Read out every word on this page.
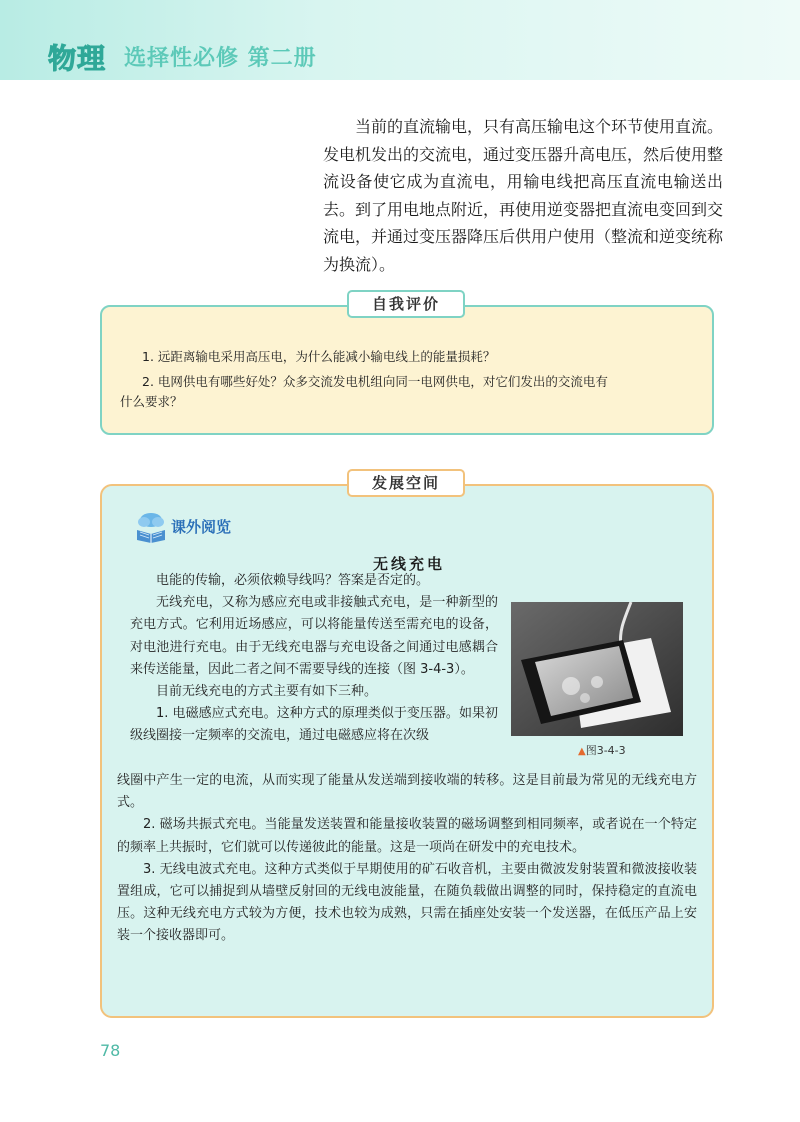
物理 选择性必修 第二册

当前的直流输电，只有高压输电这个环节使用直流。发电机发出的交流电，通过变压器升高电压，然后使用整流设备使它成为直流电，用输电线把高压直流电输送出去。到了用电地点附近，再使用逆变器把直流电变回到交流电，并通过变压器降压后供用户使用（整流和逆变统称为换流）。

1. 远距离输电采用高压电，为什么能减小输电线上的能量损耗？
2. 电网供电有哪些好处？众多交流发电机组向同一电网供电，对它们发出的交流电有
什么要求？
自我评价
发展空间
课外阅览
无线充电

电能的传输，必须依赖导线吗？答案是否定的。

无线充电，又称为感应充电或非接触式充电，是一种新型的充电方式。它利用近场感应，可以将能量传送至需充电的设备，对电池进行充电。由于无线充电器与充电设备之间通过电感耦合来传送能量，因此二者之间不需要导线的连接（图 3-4-3）。

目前无线充电的方式主要有如下三种。

1. 电磁感应式充电。这种方式的原理类似于变压器。如果初级线圈接一定频率的交流电，通过电磁感应将在次级

▲图3-4-3

线圈中产生一定的电流，从而实现了能量从发送端到接收端的转移。这是目前最为常见的无线充电方式。

2. 磁场共振式充电。当能量发送装置和能量接收装置的磁场调整到相同频率，或者说在一个特定的频率上共振时，它们就可以传递彼此的能量。这是一项尚在研发中的充电技术。

3. 无线电波式充电。这种方式类似于早期使用的矿石收音机，主要由微波发射装置和微波接收装置组成，它可以捕捉到从墙壁反射回的无线电波能量，在随负载做出调整的同时，保持稳定的直流电压。这种无线充电方式较为方便，技术也较为成熟，只需在插座处安装一个发送器，在低压产品上安装一个接收器即可。

78
